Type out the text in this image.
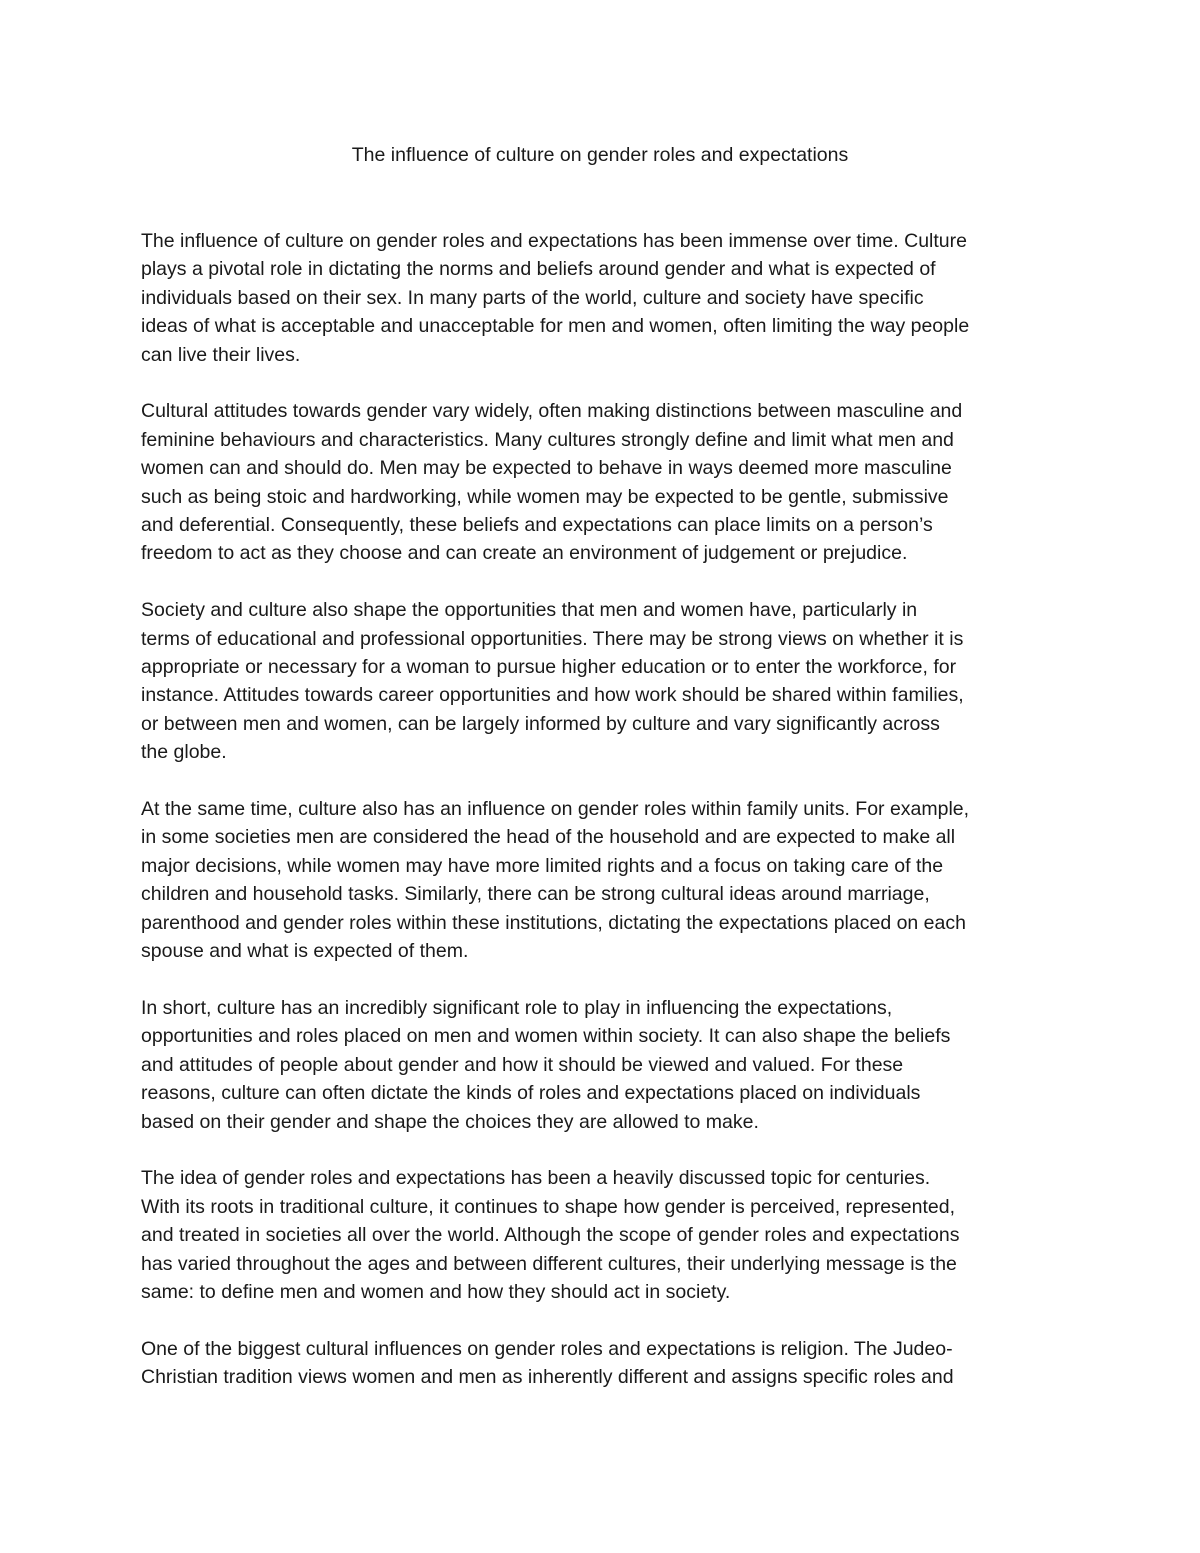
The influence of culture on gender roles and expectations

The influence of culture on gender roles and expectations has been immense over time. Culture
plays a pivotal role in dictating the norms and beliefs around gender and what is expected of
individuals based on their sex. In many parts of the world, culture and society have specific
ideas of what is acceptable and unacceptable for men and women, often limiting the way people
can live their lives.

Cultural attitudes towards gender vary widely, often making distinctions between masculine and
feminine behaviours and characteristics. Many cultures strongly define and limit what men and
women can and should do. Men may be expected to behave in ways deemed more masculine
such as being stoic and hardworking, while women may be expected to be gentle, submissive
and deferential. Consequently, these beliefs and expectations can place limits on a person’s
freedom to act as they choose and can create an environment of judgement or prejudice.

Society and culture also shape the opportunities that men and women have, particularly in
terms of educational and professional opportunities. There may be strong views on whether it is
appropriate or necessary for a woman to pursue higher education or to enter the workforce, for
instance. Attitudes towards career opportunities and how work should be shared within families,
or between men and women, can be largely informed by culture and vary significantly across
the globe.

At the same time, culture also has an influence on gender roles within family units. For example,
in some societies men are considered the head of the household and are expected to make all
major decisions, while women may have more limited rights and a focus on taking care of the
children and household tasks. Similarly, there can be strong cultural ideas around marriage,
parenthood and gender roles within these institutions, dictating the expectations placed on each
spouse and what is expected of them.

In short, culture has an incredibly significant role to play in influencing the expectations,
opportunities and roles placed on men and women within society. It can also shape the beliefs
and attitudes of people about gender and how it should be viewed and valued. For these
reasons, culture can often dictate the kinds of roles and expectations placed on individuals
based on their gender and shape the choices they are allowed to make.

The idea of gender roles and expectations has been a heavily discussed topic for centuries.
With its roots in traditional culture, it continues to shape how gender is perceived, represented,
and treated in societies all over the world. Although the scope of gender roles and expectations
has varied throughout the ages and between different cultures, their underlying message is the
same: to define men and women and how they should act in society.

One of the biggest cultural influences on gender roles and expectations is religion. The Judeo-
Christian tradition views women and men as inherently different and assigns specific roles and
